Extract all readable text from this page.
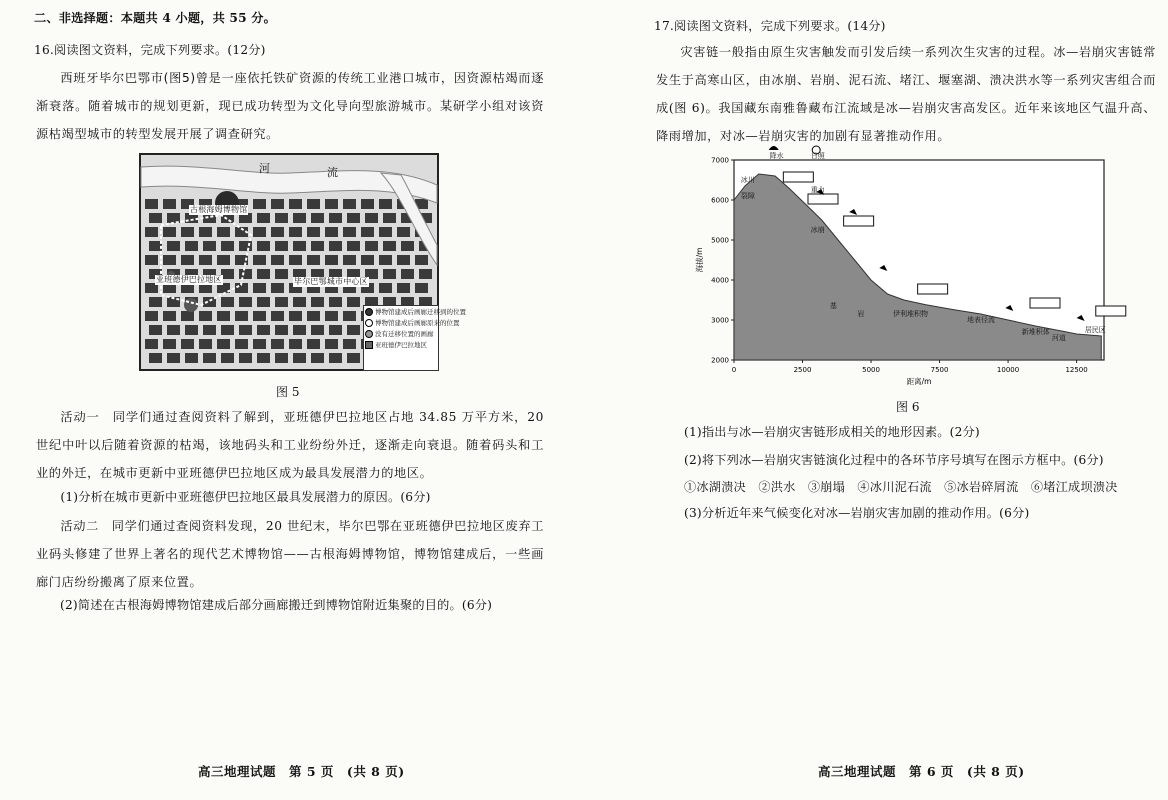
二、非选择题：本题共 4 小题，共 55 分。
16.阅读图文资料，完成下列要求。(12分)
西班牙毕尔巴鄂市(图5)曾是一座依托铁矿资源的传统工业港口城市，因资源枯竭而逐渐衰落。随着城市的规划更新，现已成功转型为文化导向型旅游城市。某研学小组对该资源枯竭型城市的转型发展开展了调查研究。
河	流
古根海姆博物馆
亚班德伊巴拉地区	毕尔巴鄂城市中心区
博物馆建成后画廊迁移到的位置
博物馆建成后画廊原来的位置
没有迁移位置的画廊
亚班德伊巴拉地区
图 5
活动一　同学们通过查阅资料了解到，亚班德伊巴拉地区占地 34.85 万平方米，20 世纪中叶以后随着资源的枯竭，该地码头和工业纷纷外迁，逐渐走向衰退。随着码头和工业的外迁，在城市更新中亚班德伊巴拉地区成为最具发展潜力的地区。
(1)分析在城市更新中亚班德伊巴拉地区最具发展潜力的原因。(6分)
活动二　同学们通过查阅资料发现，20 世纪末，毕尔巴鄂在亚班德伊巴拉地区废弃工业码头修建了世界上著名的现代艺术博物馆——古根海姆博物馆，博物馆建成后，一些画廊门店纷纷搬离了原来位置。
(2)简述在古根海姆博物馆建成后部分画廊搬迁到博物馆附近集聚的目的。(6分)
高三地理试题　第 5 页　(共 8 页)
17.阅读图文资料，完成下列要求。(14分)
灾害链一般指由原生灾害触发而引发后续一系列次生灾害的过程。冰—岩崩灾害链常发生于高寒山区，由冰崩、岩崩、泥石流、堵江、堰塞湖、溃决洪水等一系列灾害组合而成(图 6)。我国藏东南雅鲁藏布江流域是冰—岩崩灾害高发区。近年来该地区气温升高、降雨增加，对冰—岩崩灾害的加剧有显著推动作用。
0	2500	5000	7500	10000	12500
2000
3000
4000
5000
6000
7000
距离/m
海拔/m
降水	日照
冰川
裂隙
重力
冰崩
基
岩	伊利堆积物
地表径流
新堆积体
河道
居民区
图 6
(1)指出与冰—岩崩灾害链形成相关的地形因素。(2分)
(2)将下列冰—岩崩灾害链演化过程中的各环节序号填写在图示方框中。(6分)
①冰湖溃决　②洪水　③崩塌　④冰川泥石流　⑤冰岩碎屑流　⑥堵江成坝溃决
(3)分析近年来气候变化对冰—岩崩灾害加剧的推动作用。(6分)
高三地理试题　第 6 页　(共 8 页)
